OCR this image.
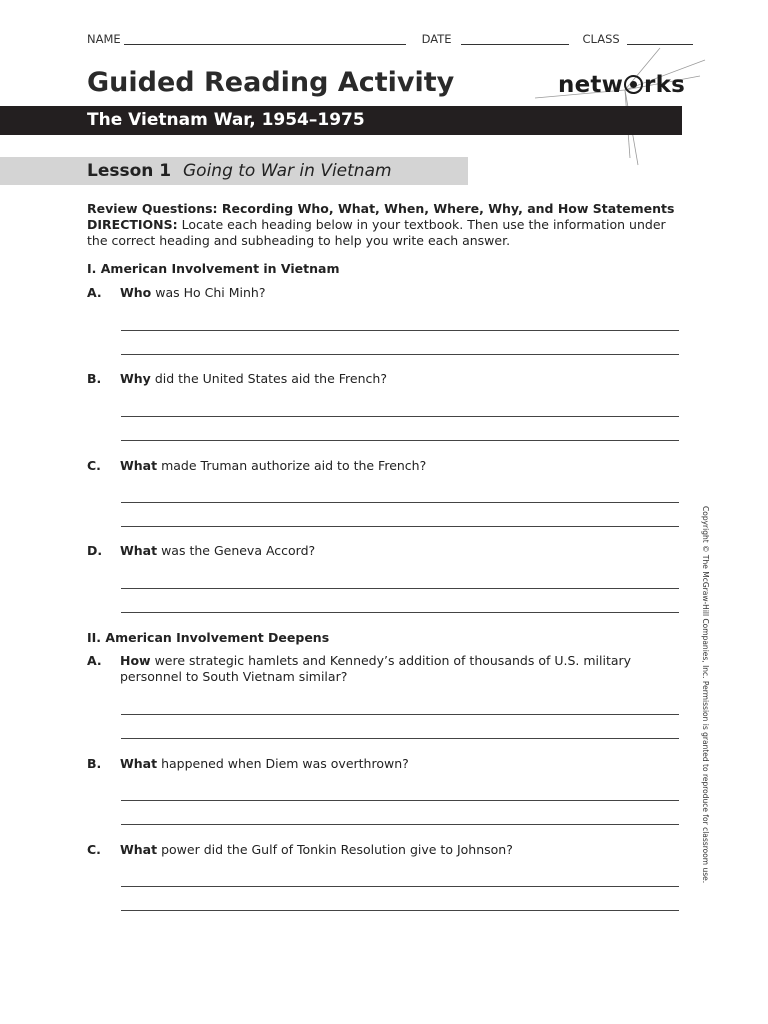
NAME	DATE	CLASS
Guided Reading Activity	netw rks
The Vietnam War, 1954–1975
Lesson 1 Going to War in Vietnam
Review Questions: Recording Who, What, When, Where, Why, and How Statements
DIRECTIONS: Locate each heading below in your textbook. Then use the information under the correct heading and subheading to help you write each answer.
I. American Involvement in Vietnam
A. Who was Ho Chi Minh?
B. Why did the United States aid the French?
C. What made Truman authorize aid to the French?
D. What was the Geneva Accord?
II. American Involvement Deepens
A. How were strategic hamlets and Kennedy’s addition of thousands of U.S. military personnel to South Vietnam similar?
B. What happened when Diem was overthrown?
C. What power did the Gulf of Tonkin Resolution give to Johnson?	Copyright © The McGraw-Hill Companies, Inc. Permission is granted to reproduce for classroom use.
